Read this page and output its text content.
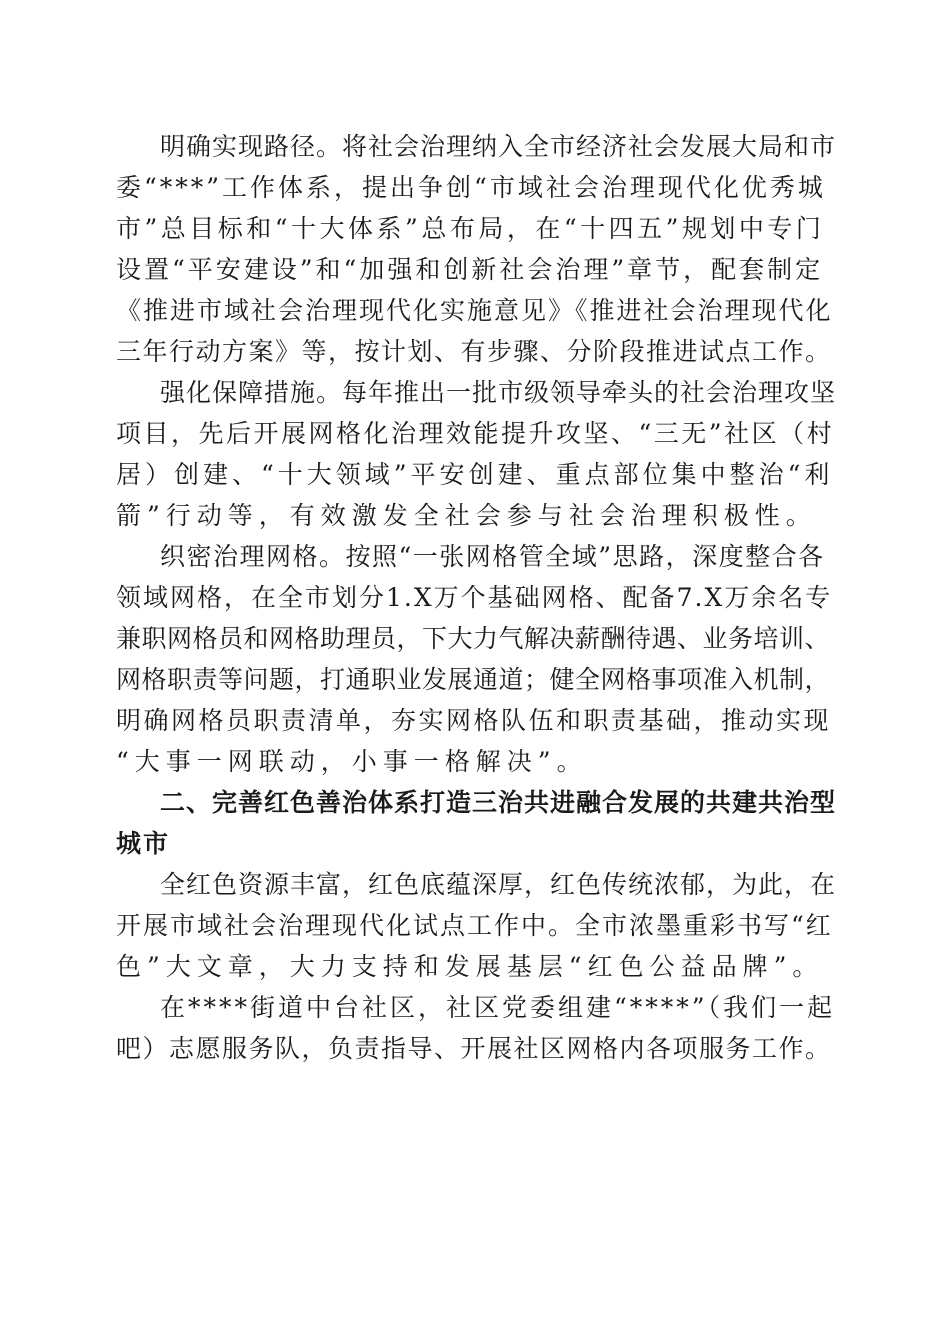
明确实现路径。将社会治理纳入全市经济社会发展大局和市
委“***”工作体系，提出争创“市域社会治理现代化优秀城
市”总目标和“十大体系”总布局，在“十四五”规划中专门
设置“平安建设”和“加强和创新社会治理”章节，配套制定
《推进市域社会治理现代化实施意见》《推进社会治理现代化
三年行动方案》等，按计划、有步骤、分阶段推进试点工作。
强化保障措施。每年推出一批市级领导牵头的社会治理攻坚
项目，先后开展网格化治理效能提升攻坚、“三无”社区（村
居）创建、“十大领域”平安创建、重点部位集中整治“利
箭”行动等，有效激发全社会参与社会治理积极性。
织密治理网格。按照“一张网格管全域”思路，深度整合各
领域网格，在全市划分1.X万个基础网格、配备7.X万余名专
兼职网格员和网格助理员，下大力气解决薪酬待遇、业务培训、
网格职责等问题，打通职业发展通道；健全网格事项准入机制，
明确网格员职责清单，夯实网格队伍和职责基础，推动实现
“大事一网联动，小事一格解决”。
二、完善红色善治体系打造三治共进融合发展的共建共治型
城市
全红色资源丰富，红色底蕴深厚，红色传统浓郁，为此，在
开展市域社会治理现代化试点工作中。全市浓墨重彩书写“红
色”大文章，大力支持和发展基层“红色公益品牌”。
在****街道中台社区，社区党委组建“****”（我们一起
吧）志愿服务队，负责指导、开展社区网格内各项服务工作。
